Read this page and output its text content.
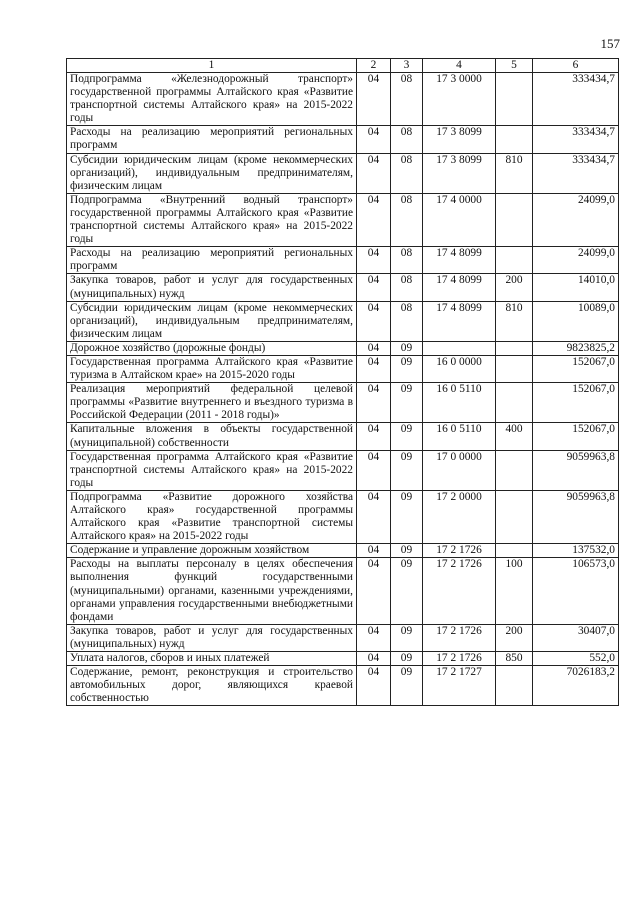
157
1	2	3	4	5	6
Подпрограмма «Железнодорожный транспорт» государственной программы Алтайского края «Развитие транспортной системы Алтайского края» на 2015-2022 годы	04	08	17 3 0000		333434,7
Расходы на реализацию мероприятий региональных программ	04	08	17 3 8099		333434,7
Субсидии юридическим лицам (кроме некоммерческих организаций), индивидуальным предпринимателям, физическим лицам	04	08	17 3 8099	810	333434,7
Подпрограмма «Внутренний водный транспорт» государственной программы Алтайского края «Развитие транспортной системы Алтайского края» на 2015-2022 годы	04	08	17 4 0000		24099,0
Расходы на реализацию мероприятий региональных программ	04	08	17 4 8099		24099,0
Закупка товаров, работ и услуг для государственных (муниципальных) нужд	04	08	17 4 8099	200	14010,0
Субсидии юридическим лицам (кроме некоммерческих организаций), индивидуальным предпринимателям, физическим лицам	04	08	17 4 8099	810	10089,0
Дорожное хозяйство (дорожные фонды)	04	09			9823825,2
Государственная программа Алтайского края «Развитие туризма в Алтайском крае» на 2015-2020 годы	04	09	16 0 0000		152067,0
Реализация мероприятий федеральной целевой программы «Развитие внутреннего и въездного туризма в Российской Федерации (2011 - 2018 годы)»	04	09	16 0 5110		152067,0
Капитальные вложения в объекты государственной (муниципальной) собственности	04	09	16 0 5110	400	152067,0
Государственная программа Алтайского края «Развитие транспортной системы Алтайского края» на 2015-2022 годы	04	09	17 0 0000		9059963,8
Подпрограмма «Развитие дорожного хозяйства Алтайского края» государственной программы Алтайского края «Развитие транспортной системы Алтайского края» на 2015-2022 годы	04	09	17 2 0000		9059963,8
Содержание и управление дорожным хозяйством	04	09	17 2 1726		137532,0
Расходы на выплаты персоналу в целях обеспечения выполнения функций государственными (муниципальными) органами, казенными учреждениями, органами управления государственными внебюджетными фондами	04	09	17 2 1726	100	106573,0
Закупка товаров, работ и услуг для государственных (муниципальных) нужд	04	09	17 2 1726	200	30407,0
Уплата налогов, сборов и иных платежей	04	09	17 2 1726	850	552,0
Содержание, ремонт, реконструкция и строительство автомобильных дорог, являющихся краевой собственностью	04	09	17 2 1727		7026183,2
